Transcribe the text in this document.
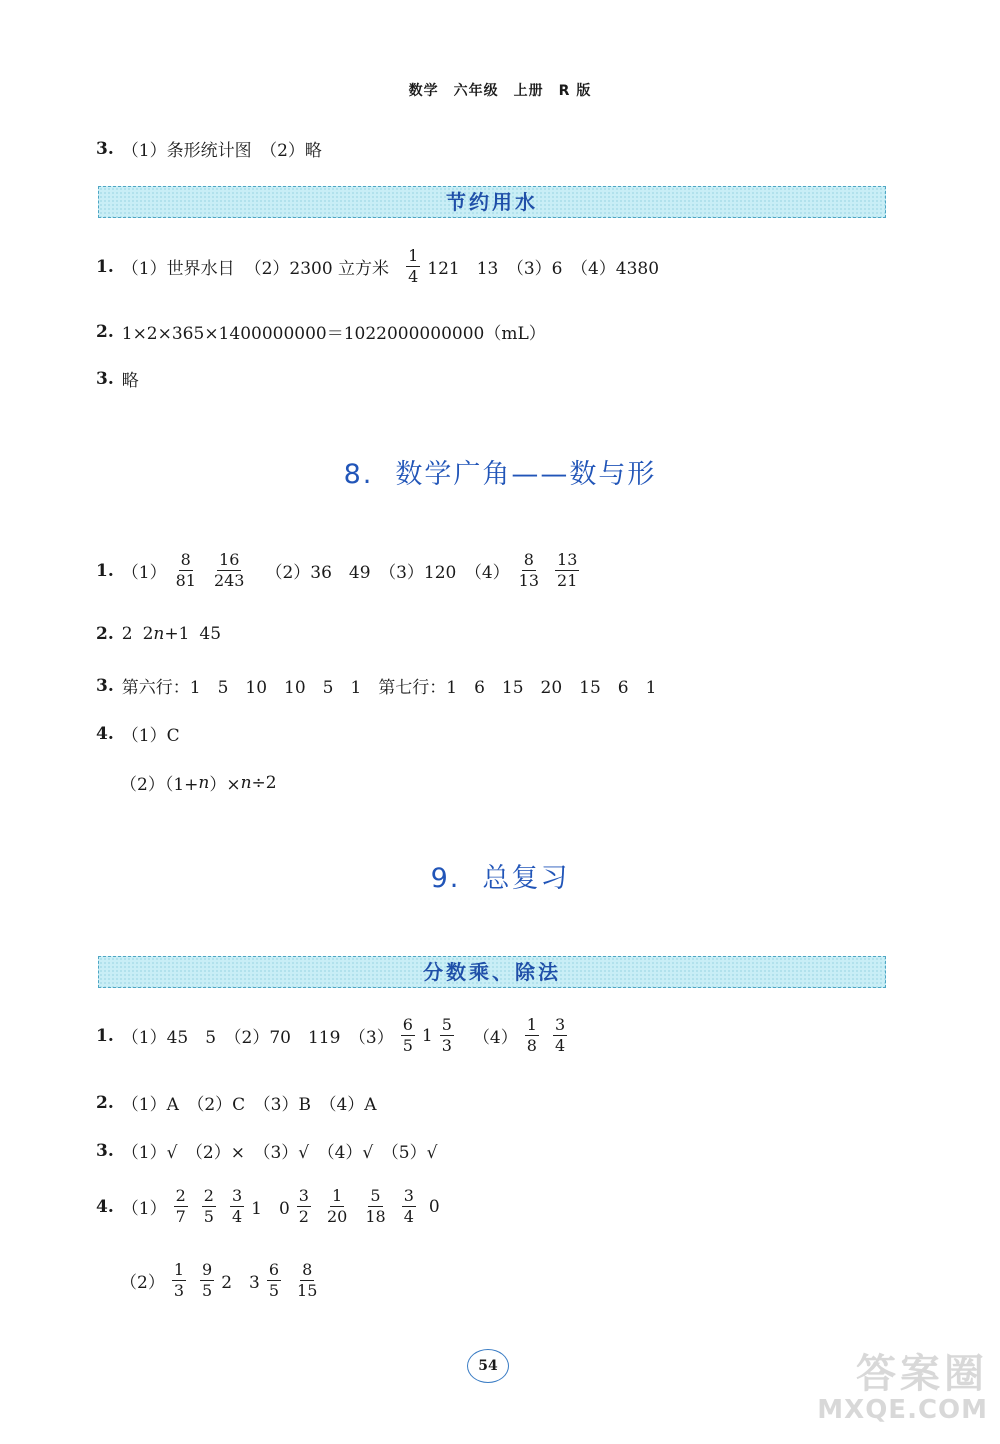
数学　六年级　上册　R 版
3. （1）条形统计图　（2）略
节约用水
1. （1）世界水日 （2）2300 立方米 $\frac{1}{4} 121$　13　（3）6　（4）4380
2. 1×2×365×1400000000＝1022000000000（mL）
3. 略
8. 数学广角——数与形
1. $(1) \frac{8}{81} \frac{16}{243} (2)36$　49　（3）120　$(4) \frac{8}{13} \frac{13}{21}$
2. 2 2 n +1 45
3. 第六行：1　5　10　10　5　1　第七行：1　6　15　20　15　6　1
4. （1）C
（2）（1+ n ）× n ÷2
9. 总复习
分数乘、除法
1. （1）45　5　（2）70　119　$(3) \frac{6}{5} 1 \frac{5}{3} (4) \frac{1}{8} \frac{3}{4}$
2. （1）A　（2）C　（3）B　（4）A
3. （1）√　（2）×　（3）√　（4）√　（5）√
4. $(1) \frac{2}{7} \frac{2}{5} \frac{3}{4} 1$　$0 \frac{3}{2} \frac{1}{20} \frac{5}{18} \frac{3}{4} 0$
$(2) \frac{1}{3} \frac{9}{5} 2$　$3 \frac{6}{5} \frac{8}{15}$
54	答案圈
MXQE.COM
